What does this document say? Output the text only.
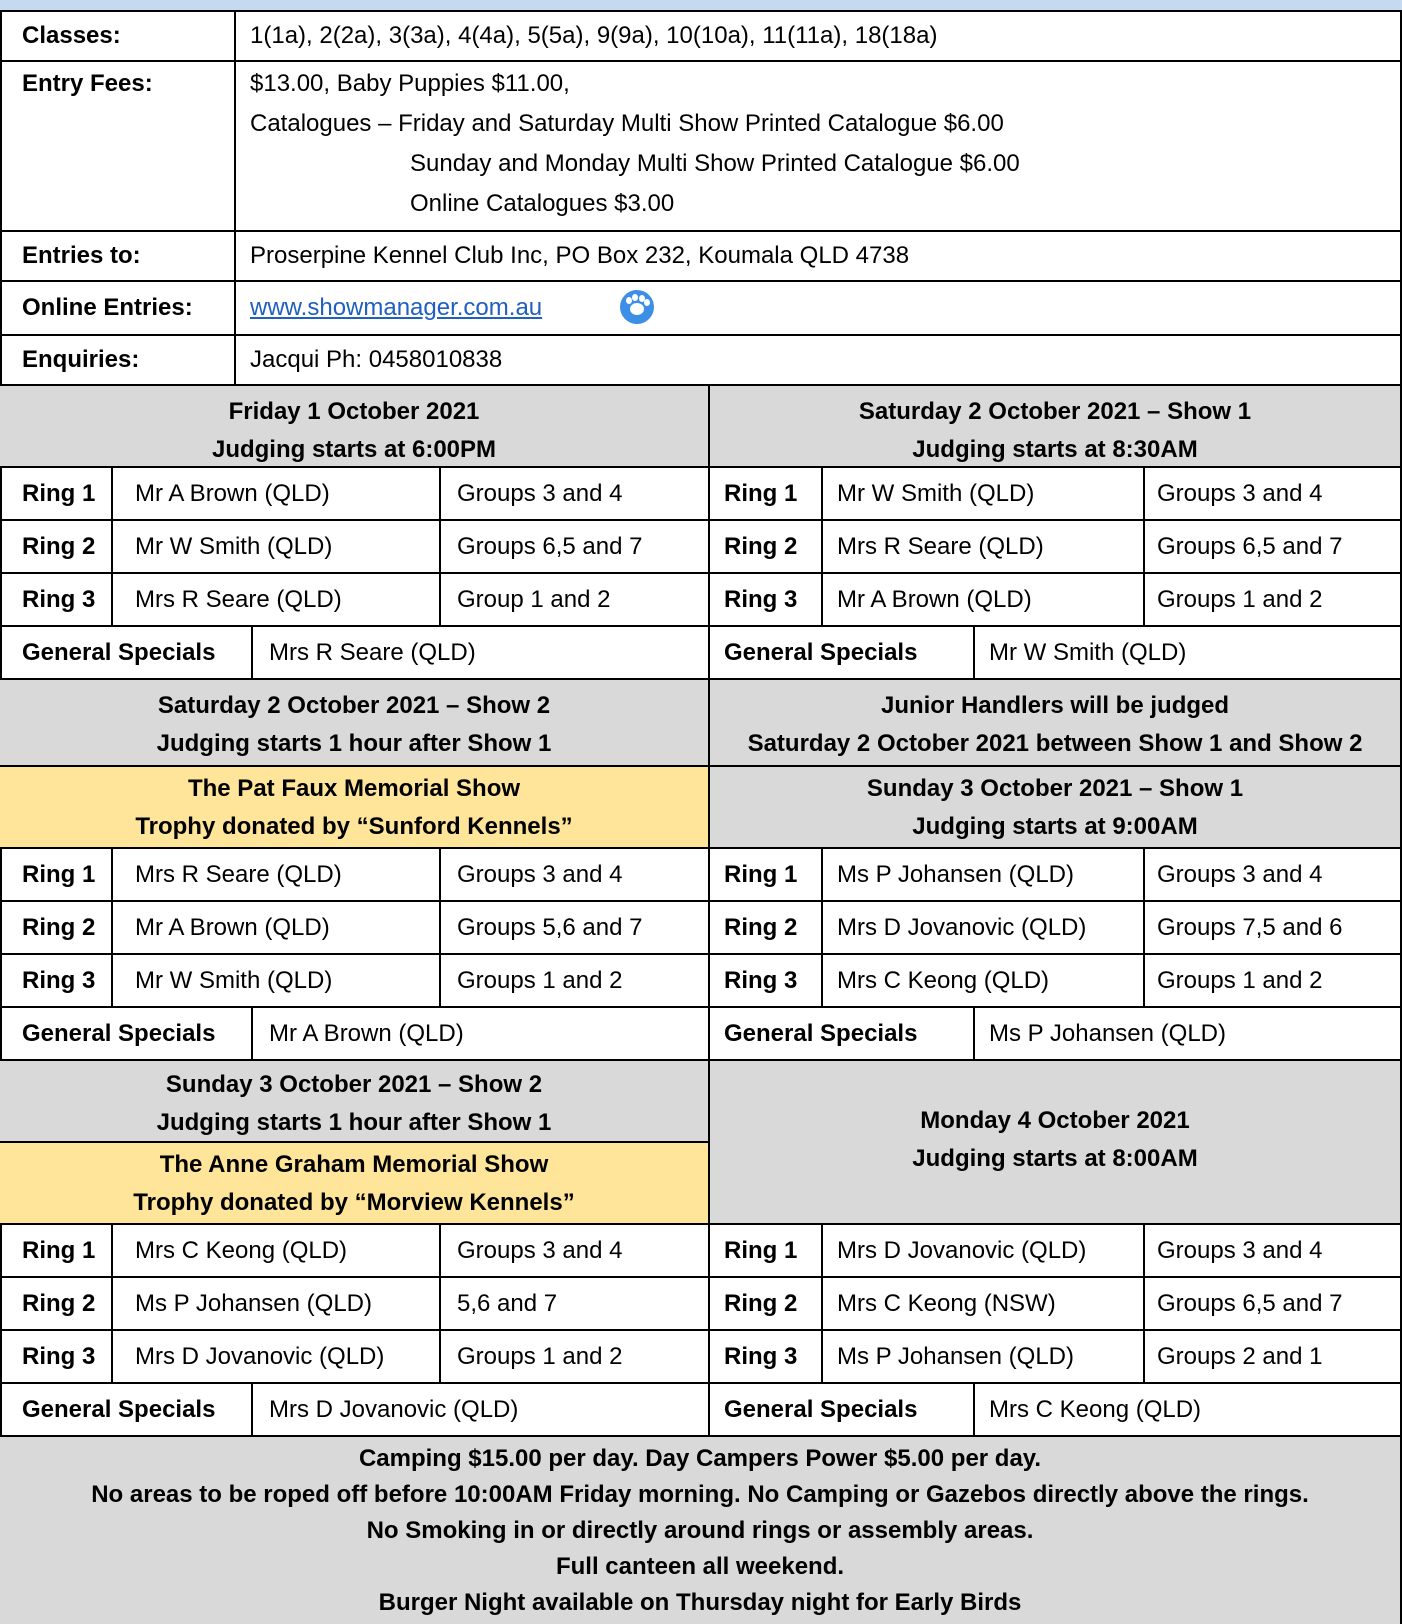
Classes:	1(1a), 2(2a), 3(3a), 4(4a), 5(5a), 9(9a), 10(10a), 11(11a), 18(18a)
Entry Fees:	$13.00, Baby Puppies $11.00,
Catalogues – Friday and Saturday Multi Show Printed Catalogue $6.00
Sunday and Monday Multi Show Printed Catalogue $6.00
Online Catalogues $3.00
Entries to:	Proserpine Kennel Club Inc, PO Box 232, Koumala QLD 4738
Online Entries: www.showmanager.com.au
Enquiries:	Jacqui Ph: 0458010838
Friday 1 October 2021
Judging starts at 6:00PM
Saturday 2 October 2021 – Show 1
Judging starts at 8:30AM
Ring 1 Mr A Brown (QLD)	Groups 3 and 4
Ring 2 Mr W Smith (QLD)	Groups 6,5 and 7
Ring 3 Mrs R Seare (QLD)	Group 1 and 2
General Specials Mrs R Seare (QLD)
Ring 1 Mr W Smith (QLD)	Groups 3 and 4
Ring 2 Mrs R Seare (QLD)	Groups 6,5 and 7
Ring 3 Mr A Brown (QLD)	Groups 1 and 2
General Specials	Mr W Smith (QLD)
Saturday 2 October 2021 – Show 2
Judging starts 1 hour after Show 1
The Pat Faux Memorial Show
Trophy donated by “Sunford Kennels”
Junior Handlers will be judged
Saturday 2 October 2021 between Show 1 and Show 2
Sunday 3 October 2021 – Show 1
Judging starts at 9:00AM
Ring 1 Mrs R Seare (QLD)	Groups 3 and 4
Ring 2 Mr A Brown (QLD)	Groups 5,6 and 7
Ring 3 Mr W Smith (QLD)	Groups 1 and 2
General Specials Mr A Brown (QLD)
Ring 1 Ms P Johansen (QLD)	Groups 3 and 4
Ring 2 Mrs D Jovanovic (QLD)	Groups 7,5 and 6
Ring 3 Mrs C Keong (QLD)	Groups 1 and 2
General Specials	Ms P Johansen (QLD)
Sunday 3 October 2021 – Show 2
Judging starts 1 hour after Show 1
The Anne Graham Memorial Show
Trophy donated by “Morview Kennels”
Monday 4 October 2021
Judging starts at 8:00AM
Ring 1 Mrs C Keong (QLD)	Groups 3 and 4
Ring 2 Ms P Johansen (QLD)	5,6 and 7
Ring 3 Mrs D Jovanovic (QLD)	Groups 1 and 2
General Specials Mrs D Jovanovic (QLD)
Ring 1 Mrs D Jovanovic (QLD)	Groups 3 and 4
Ring 2 Mrs C Keong (NSW)	Groups 6,5 and 7
Ring 3 Ms P Johansen (QLD)	Groups 2 and 1
General Specials	Mrs C Keong (QLD)
Camping $15.00 per day. Day Campers Power $5.00 per day.
No areas to be roped off before 10:00AM Friday morning. No Camping or Gazebos directly above the rings.
No Smoking in or directly around rings or assembly areas.
Full canteen all weekend.
Burger Night available on Thursday night for Early Birds
